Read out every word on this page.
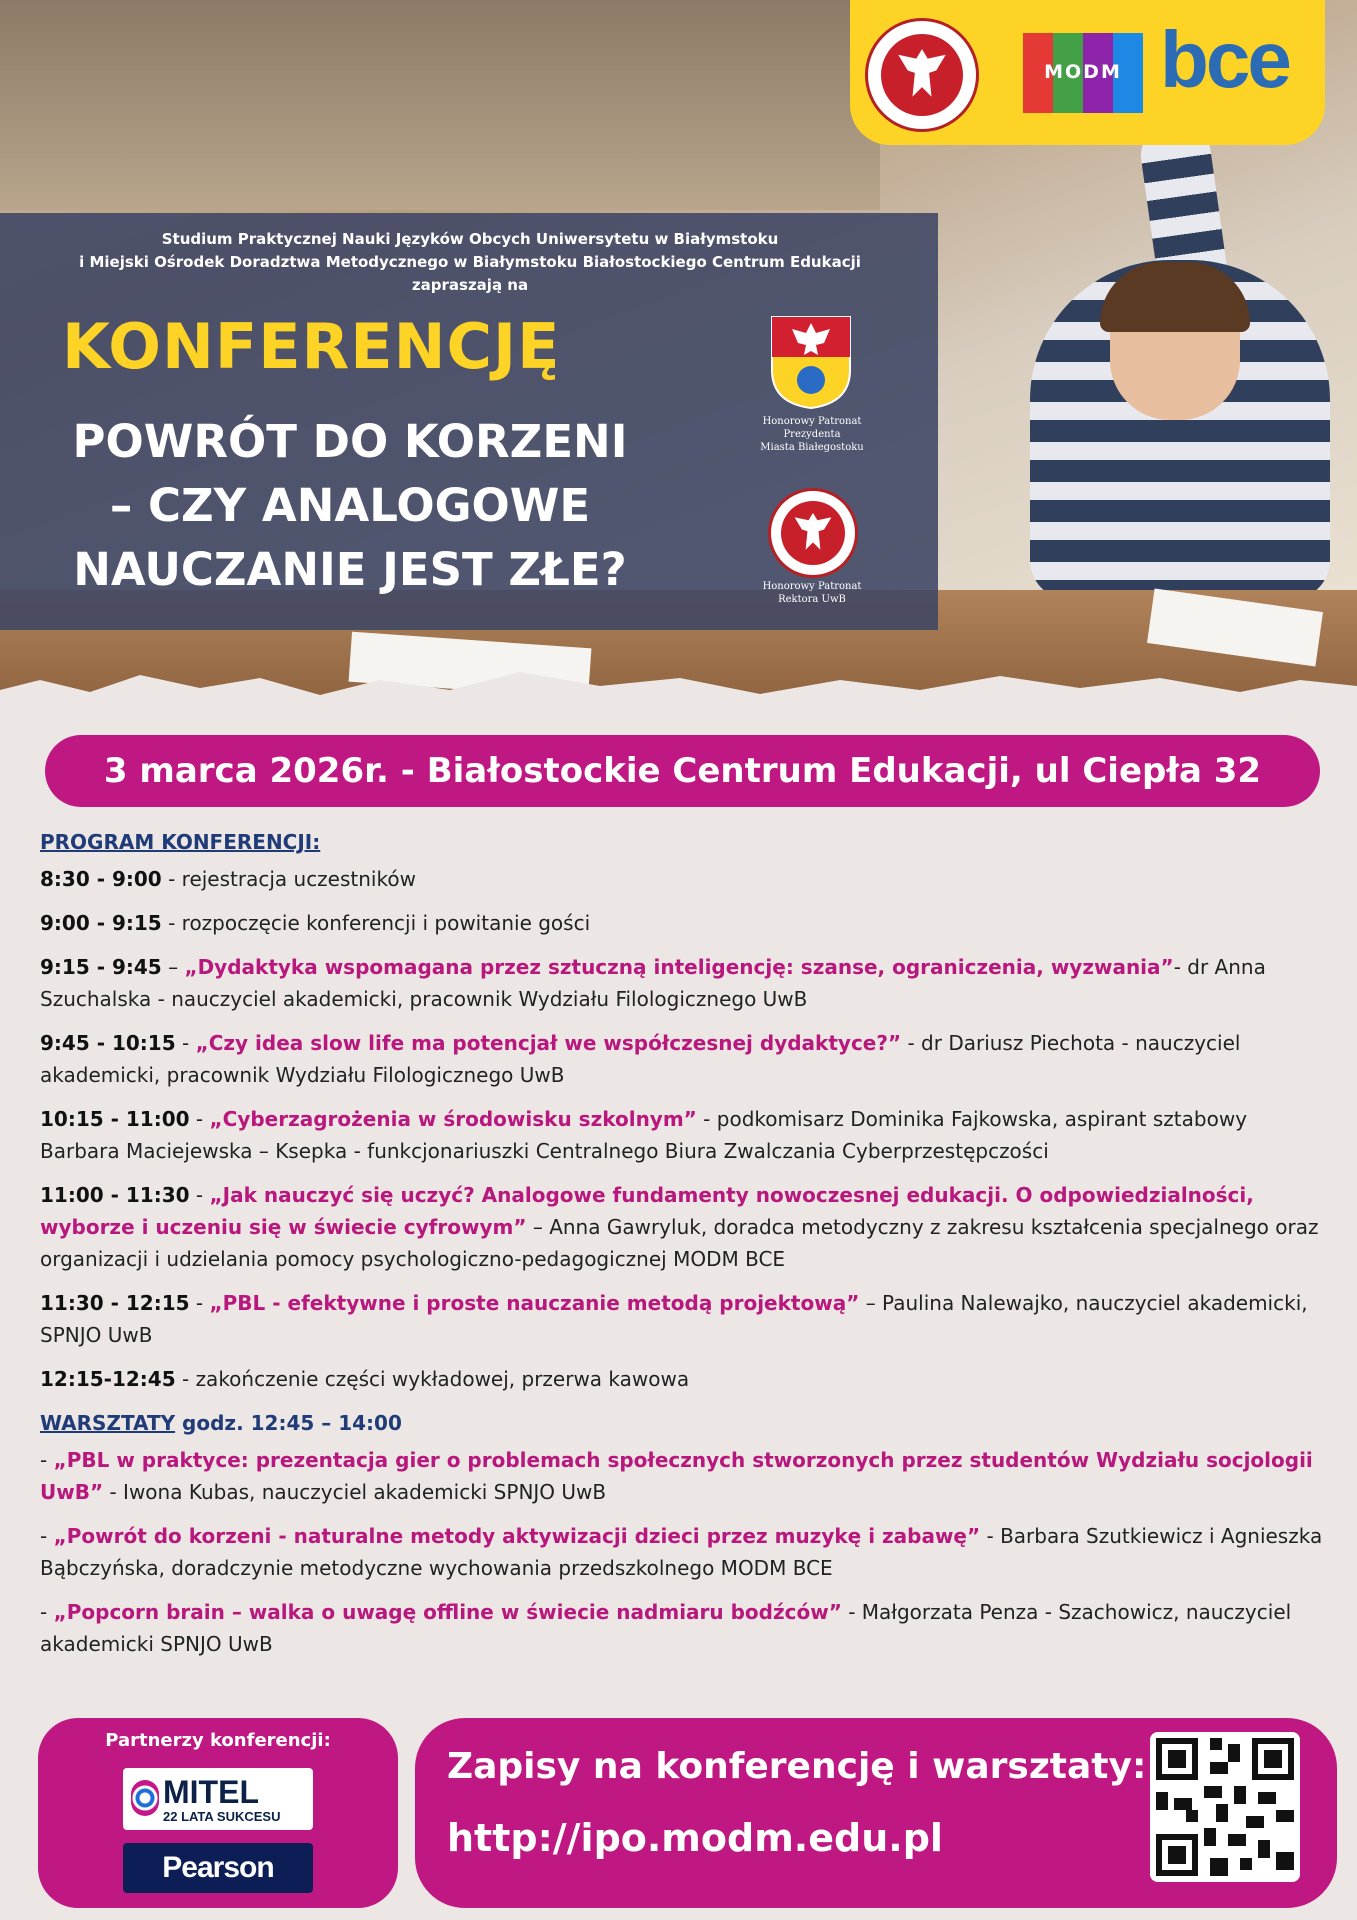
MODM bce
Studium Praktycznej Nauki Języków Obcych Uniwersytetu w Białymstoku
i Miejski Ośrodek Doradztwa Metodycznego w Białymstoku Białostockiego Centrum Edukacji
zapraszają na
KONFERENCJĘ
POWRÓT DO KORZENI
– CZY ANALOGOWE
NAUCZANIE JEST ZŁE?
Honorowy Patronat
Prezydenta
Miasta Białegostoku
Honorowy Patronat
Rektora UwB
3 marca 2026r. - Białostockie Centrum Edukacji, ul Ciepła 32
PROGRAM KONFERENCJI:
8:30 - 9:00 - rejestracja uczestników
9:00 - 9:15 - rozpoczęcie konferencji i powitanie gości
9:15 - 9:45 – „Dydaktyka wspomagana przez sztuczną inteligencję: szanse, ograniczenia, wyzwania”- dr Anna Szuchalska - nauczyciel akademicki, pracownik Wydziału Filologicznego UwB
9:45 - 10:15 - „Czy idea slow life ma potencjał we współczesnej dydaktyce?” - dr Dariusz Piechota - nauczyciel akademicki, pracownik Wydziału Filologicznego UwB
10:15 - 11:00 - „Cyberzagrożenia w środowisku szkolnym” - podkomisarz Dominika Fajkowska, aspirant sztabowy Barbara Maciejewska – Ksepka - funkcjonariuszki Centralnego Biura Zwalczania Cyberprzestępczości
11:00 - 11:30 - „Jak nauczyć się uczyć? Analogowe fundamenty nowoczesnej edukacji. O odpowiedzialności, wyborze i uczeniu się w świecie cyfrowym” – Anna Gawryluk, doradca metodyczny z zakresu kształcenia specjalnego oraz organizacji i udzielania pomocy psychologiczno-pedagogicznej MODM BCE
11:30 - 12:15 - „PBL - efektywne i proste nauczanie metodą projektową” – Paulina Nalewajko, nauczyciel akademicki, SPNJO UwB
12:15-12:45 - zakończenie części wykładowej, przerwa kawowa
WARSZTATY godz. 12:45 – 14:00
- „PBL w praktyce: prezentacja gier o problemach społecznych stworzonych przez studentów Wydziału socjologii UwB” - Iwona Kubas, nauczyciel akademicki SPNJO UwB
- „Powrót do korzeni - naturalne metody aktywizacji dzieci przez muzykę i zabawę” - Barbara Szutkiewicz i Agnieszka Bąbczyńska, doradczynie metodyczne wychowania przedszkolnego MODM BCE
- „Popcorn brain – walka o uwagę offline w świecie nadmiaru bodźców” - Małgorzata Penza - Szachowicz, nauczyciel akademicki SPNJO UwB
Partnerzy konferencji:
MITEL
22 LATA SUKCESU
Pearson
Zapisy na konferencję i warsztaty:
http://ipo.modm.edu.pl
